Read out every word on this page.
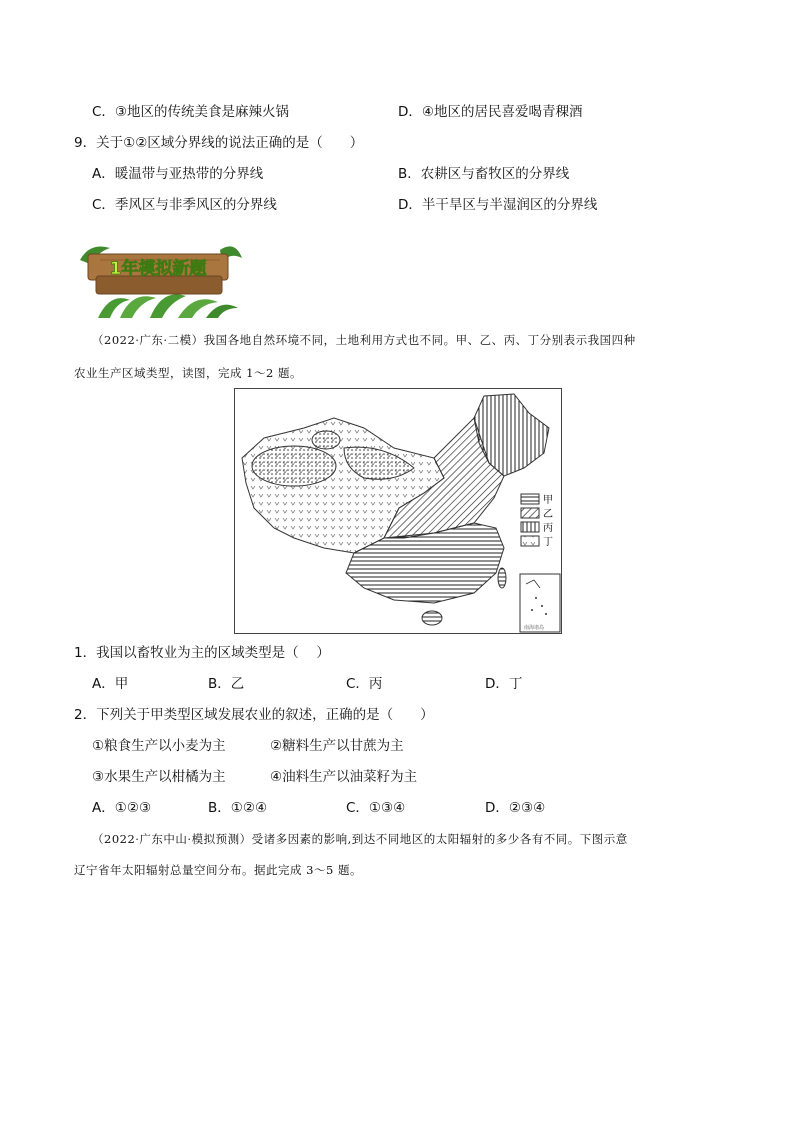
C．③地区的传统美食是麻辣火锅	D．④地区的居民喜爱喝青稞酒
9．关于①②区域分界线的说法正确的是（　　）
A．暖温带与亚热带的分界线	B．农耕区与畜牧区的分界线
C．季风区与非季风区的分界线	D．半干旱区与半湿润区的分界线
1年模拟新题
（2022·广东·二模）我国各地自然环境不同，土地利用方式也不同。甲、乙、丙、丁分别表示我国四种
农业生产区域类型，读图，完成 1～2 题。
甲
乙
丙
丁
南海诸岛
1．我国以畜牧业为主的区域类型是（　 ）
A．甲	B．乙	C．丙	D．丁
2．下列关于甲类型区域发展农业的叙述，正确的是（　　）
①粮食生产以小麦为主	②糖料生产以甘蔗为主
③水果生产以柑橘为主	④油料生产以油菜籽为主
A．①②③	B．①②④	C．①③④	D．②③④
（2022·广东中山·模拟预测）受诸多因素的影响,到达不同地区的太阳辐射的多少各有不同。下图示意
辽宁省年太阳辐射总量空间分布。据此完成 3～5 题。
